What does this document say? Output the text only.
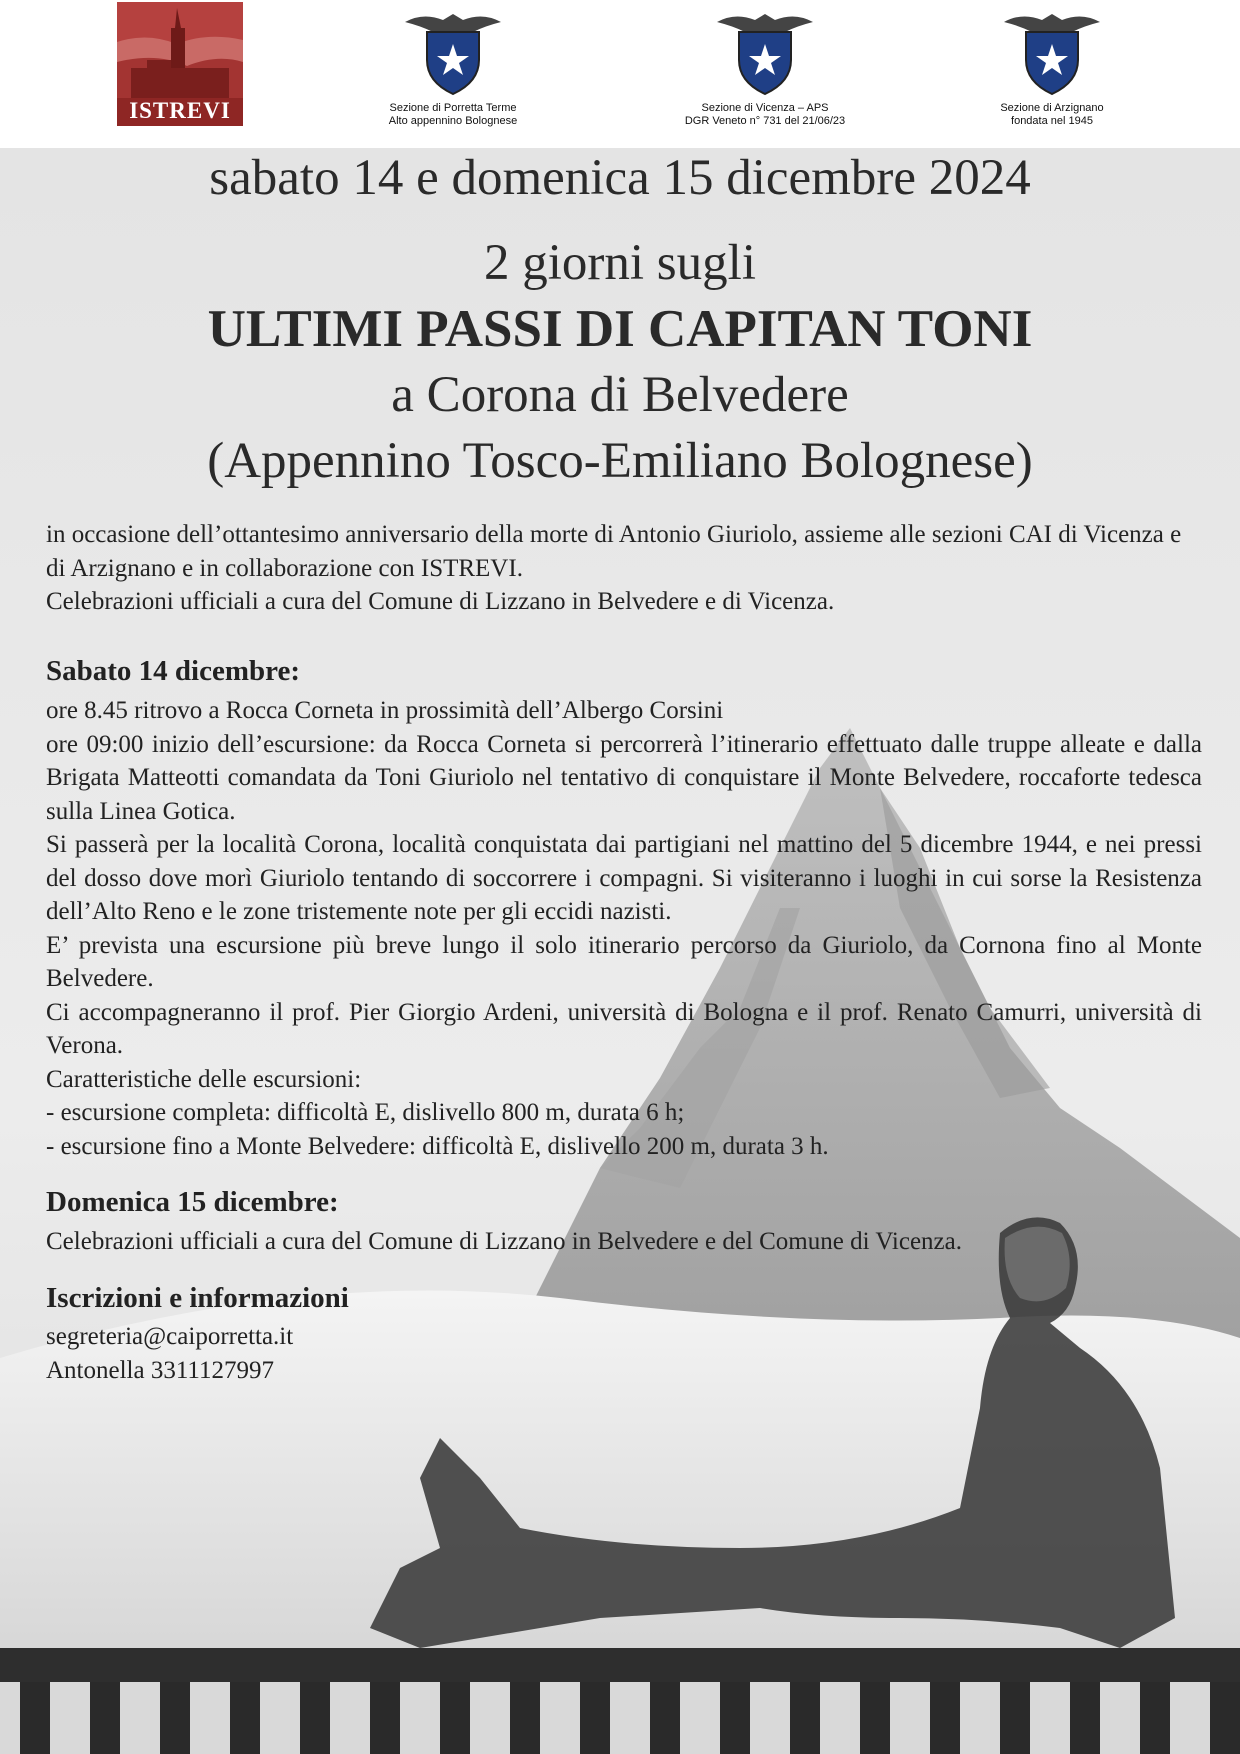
ISTREVI	Sezione di Porretta Terme
Alto appennino Bolognese
Sezione di Vicenza – APS
DGR Veneto n° 731 del 21/06/23
Sezione di Arzignano
fondata nel 1945
sabato 14 e domenica 15 dicembre 2024
2 giorni sugli
ULTIMI PASSI DI CAPITAN TONI
a Corona di Belvedere
(Appennino Tosco-Emiliano Bolognese)

in occasione dell’ottantesimo anniversario della morte di Antonio Giuriolo, assieme alle sezioni CAI di Vicenza e di Arzignano e in collaborazione con ISTREVI.

Celebrazioni ufficiali a cura del Comune di Lizzano in Belvedere e di Vicenza.

Sabato 14 dicembre:

ore 8.45 ritrovo a Rocca Corneta in prossimità dell’Albergo Corsini

ore 09:00 inizio dell’escursione: da Rocca Corneta si percorrerà l’itinerario effettuato dalle truppe alleate e dalla Brigata Matteotti comandata da Toni Giuriolo nel tentativo di conquistare il Monte Belvedere, roccaforte tedesca sulla Linea Gotica.

Si passerà per la località Corona, località conquistata dai partigiani nel mattino del 5 dicembre 1944, e nei pressi del dosso dove morì Giuriolo tentando di soccorrere i compagni. Si visiteranno i luoghi in cui sorse la Resistenza dell’Alto Reno e le zone tristemente note per gli eccidi nazisti.

E’ prevista una escursione più breve lungo il solo itinerario percorso da Giuriolo, da Cornona fino al Monte Belvedere.

Ci accompagneranno il prof. Pier Giorgio Ardeni, università di Bologna e il prof. Renato Camurri, università di Verona.

Caratteristiche delle escursioni:

- escursione completa: difficoltà E, dislivello 800 m, durata 6 h;

- escursione fino a Monte Belvedere: difficoltà E, dislivello 200 m, durata 3 h.

Domenica 15 dicembre:
Celebrazioni ufficiali a cura del Comune di Lizzano in Belvedere e del Comune di Vicenza.
Iscrizioni e informazioni

segreteria@caiporretta.it

Antonella 3311127997
